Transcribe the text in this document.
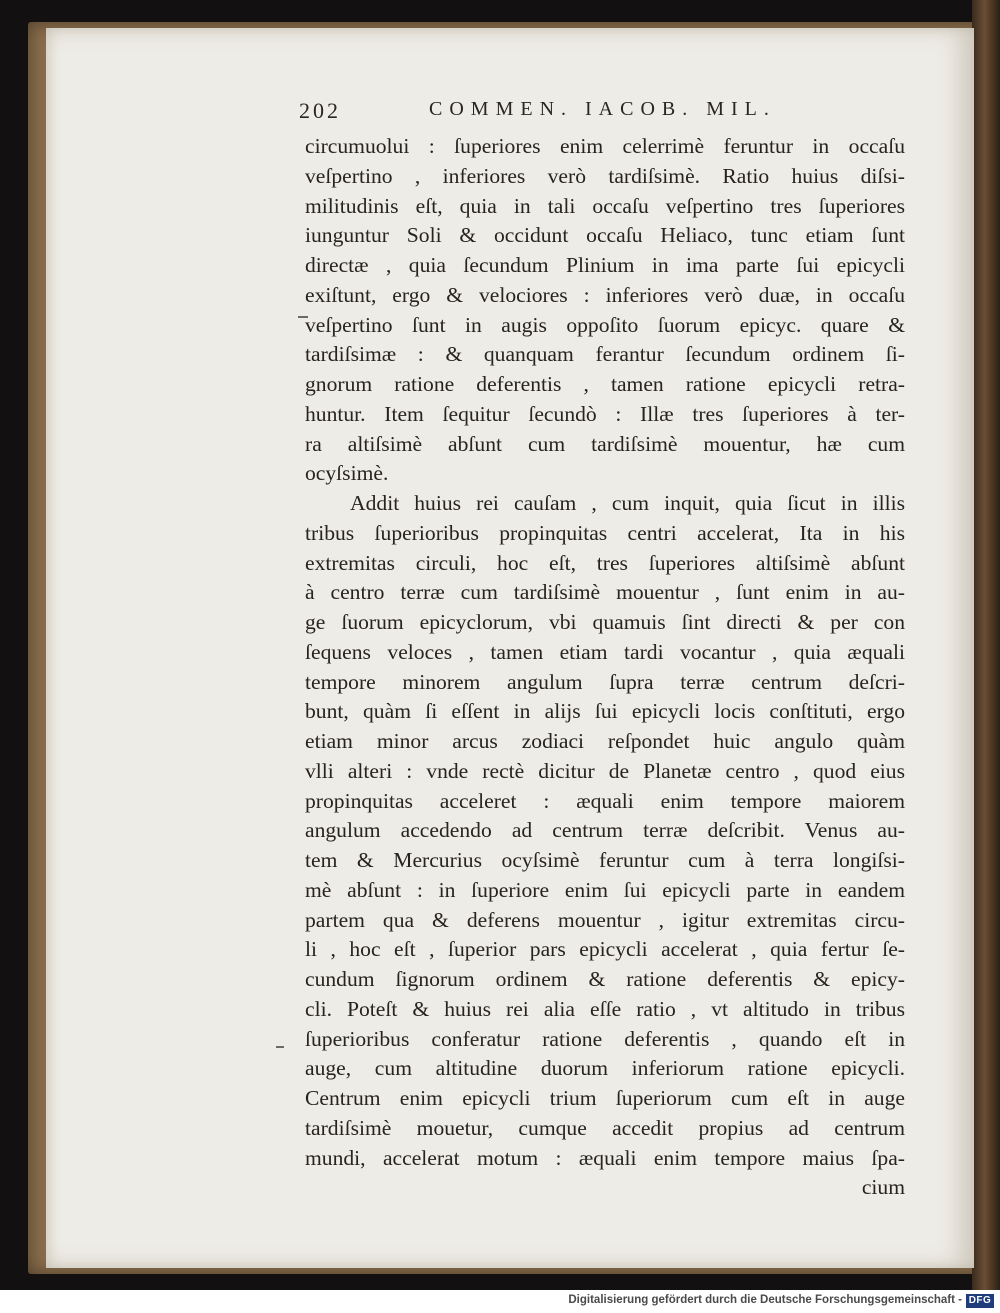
202	COMMEN. IACOB. MIL.
circumuolui : ſuperiores enim celerrimè feruntur in occaſu
veſpertino , inferiores verò tardiſsimè. Ratio huius diſsi-
militudinis eſt, quia in tali occaſu veſpertino tres ſuperiores
iunguntur Soli & occidunt occaſu Heliaco, tunc etiam ſunt
directæ , quia ſecundum Plinium in ima parte ſui epicycli
exiſtunt, ergo & velociores : inferiores verò duæ, in occaſu
veſpertino ſunt in augis oppoſito ſuorum epicyc. quare &
tardiſsimæ : & quanquam ferantur ſecundum ordinem ſi-
gnorum ratione deferentis , tamen ratione epicycli retra-
huntur. Item ſequitur ſecundò : Illæ tres ſuperiores à ter-
ra altiſsimè abſunt cum tardiſsimè mouentur, hæ cum
ocyſsimè.
Addit huius rei cauſam , cum inquit, quia ſicut in illis
tribus ſuperioribus propinquitas centri accelerat, Ita in his
extremitas circuli, hoc eſt, tres ſuperiores altiſsimè abſunt
à centro terræ cum tardiſsimè mouentur , ſunt enim in au-
ge ſuorum epicyclorum, vbi quamuis ſint directi & per con
ſequens veloces , tamen etiam tardi vocantur , quia æquali
tempore minorem angulum ſupra terræ centrum deſcri-
bunt, quàm ſi eſſent in alijs ſui epicycli locis conſtituti, ergo
etiam minor arcus zodiaci reſpondet huic angulo quàm
vlli alteri : vnde rectè dicitur de Planetæ centro , quod eius
propinquitas acceleret : æquali enim tempore maiorem
angulum accedendo ad centrum terræ deſcribit. Venus au-
tem & Mercurius ocyſsimè feruntur cum à terra longiſsi-
mè abſunt : in ſuperiore enim ſui epicycli parte in eandem
partem qua & deferens mouentur , igitur extremitas circu-
li , hoc eſt , ſuperior pars epicycli accelerat , quia fertur ſe-
cundum ſignorum ordinem & ratione deferentis & epicy-
cli. Poteſt & huius rei alia eſſe ratio , vt altitudo in tribus
ſuperioribus conferatur ratione deferentis , quando eſt in
auge, cum altitudine duorum inferiorum ratione epicycli.
Centrum enim epicycli trium ſuperiorum cum eſt in auge
tardiſsimè mouetur, cumque accedit propius ad centrum
mundi, accelerat motum : æquali enim tempore maius ſpa-
cium
Digitalisierung gefördert durch die Deutsche Forschungsgemeinschaft - DFG
